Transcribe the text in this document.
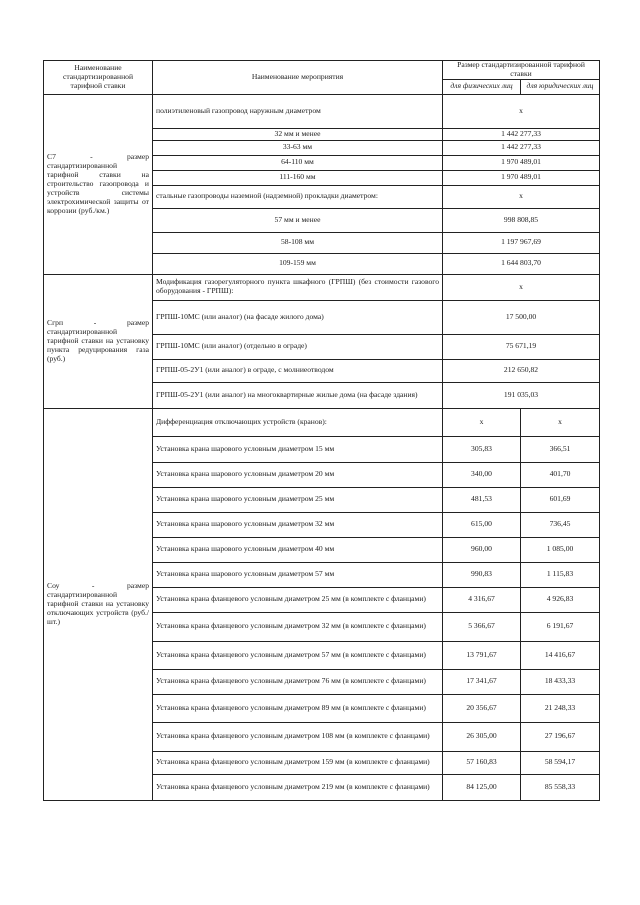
Наименование стандартизированной тарифной ставки	Наименование мероприятия	Размер стандартизированной тарифной ставки	
		для физических лиц	для юридических лиц
С7 - размер стандартизированной тарифной ставки на строительство газопровода и устройств системы электрохимической защиты от коррозии (руб./км.)	полиэтиленовый газопровод наружным диаметром	х	
	32 мм и менее	1 442 277,33	
	33-63 мм	1 442 277,33	
	64-110 мм	1 970 489,01	
	111-160 мм	1 970 489,01	
	стальные газопроводы наземной (надземной) прокладки диаметром:	х	
	57 мм и менее	998 808,85	
	58-108 мм	1 197 967,69	
	109-159 мм	1 644 803,70	
Сгрп - размер стандартизированной тарифной ставки на установку пунктa редуцирования газа (руб.)	Модификация газорегуляторного пункта шкафного (ГРПШ) (без стоимости газового оборудования - ГРПШ):	х	
	ГРПШ-10МС (или аналог) (на фасаде жилого дома)	17 500,00	
	ГРПШ-10МС (или аналог) (отдельно в ограде)	75 671,19	
	ГРПШ-05-2У1 (или аналог) в ограде, с молниеотводом	212 650,82	
	ГРПШ-05-2У1 (или аналог) на многоквартирные жилые дома (на фасаде здания)	191 035,03	
Соу - размер стандартизированной тарифной ставки на установку отключающих устройств (руб./шт.)	Дифференциация отключающих устройств (кранов):	х	х
	Установка крана шарового условным диаметром 15 мм	305,83	366,51
	Установка крана шарового условным диаметром 20 мм	340,00	401,70
	Установка крана шарового условным диаметром 25 мм	481,53	601,69
	Установка крана шарового условным диаметром 32 мм	615,00	736,45
	Установка крана шарового условным диаметром 40 мм	960,00	1 085,00
	Установка крана шарового условным диаметром 57 мм	990,83	1 115,83
	Установка крана фланцевого условным диаметром 25 мм (в комплекте с фланцами)	4 316,67	4 926,83
	Установка крана фланцевого условным диаметром 32 мм (в комплекте с фланцами)	5 366,67	6 191,67
	Установка крана фланцевого условным диаметром 57 мм (в комплекте с фланцами)	13 791,67	14 416,67
	Установка крана фланцевого условным диаметром 76 мм (в комплекте с фланцами)	17 341,67	18 433,33
	Установка крана фланцевого условным диаметром 89 мм (в комплекте с фланцами)	20 356,67	21 248,33
	Установка крана фланцевого условным диаметром 108 мм (в комплекте с фланцами)	26 305,00	27 196,67
	Установка крана фланцевого условным диаметром 159 мм (в комплекте с фланцами)	57 160,83	58 594,17
	Установка крана фланцевого условным диаметром 219 мм (в комплекте с фланцами)	84 125,00	85 558,33
